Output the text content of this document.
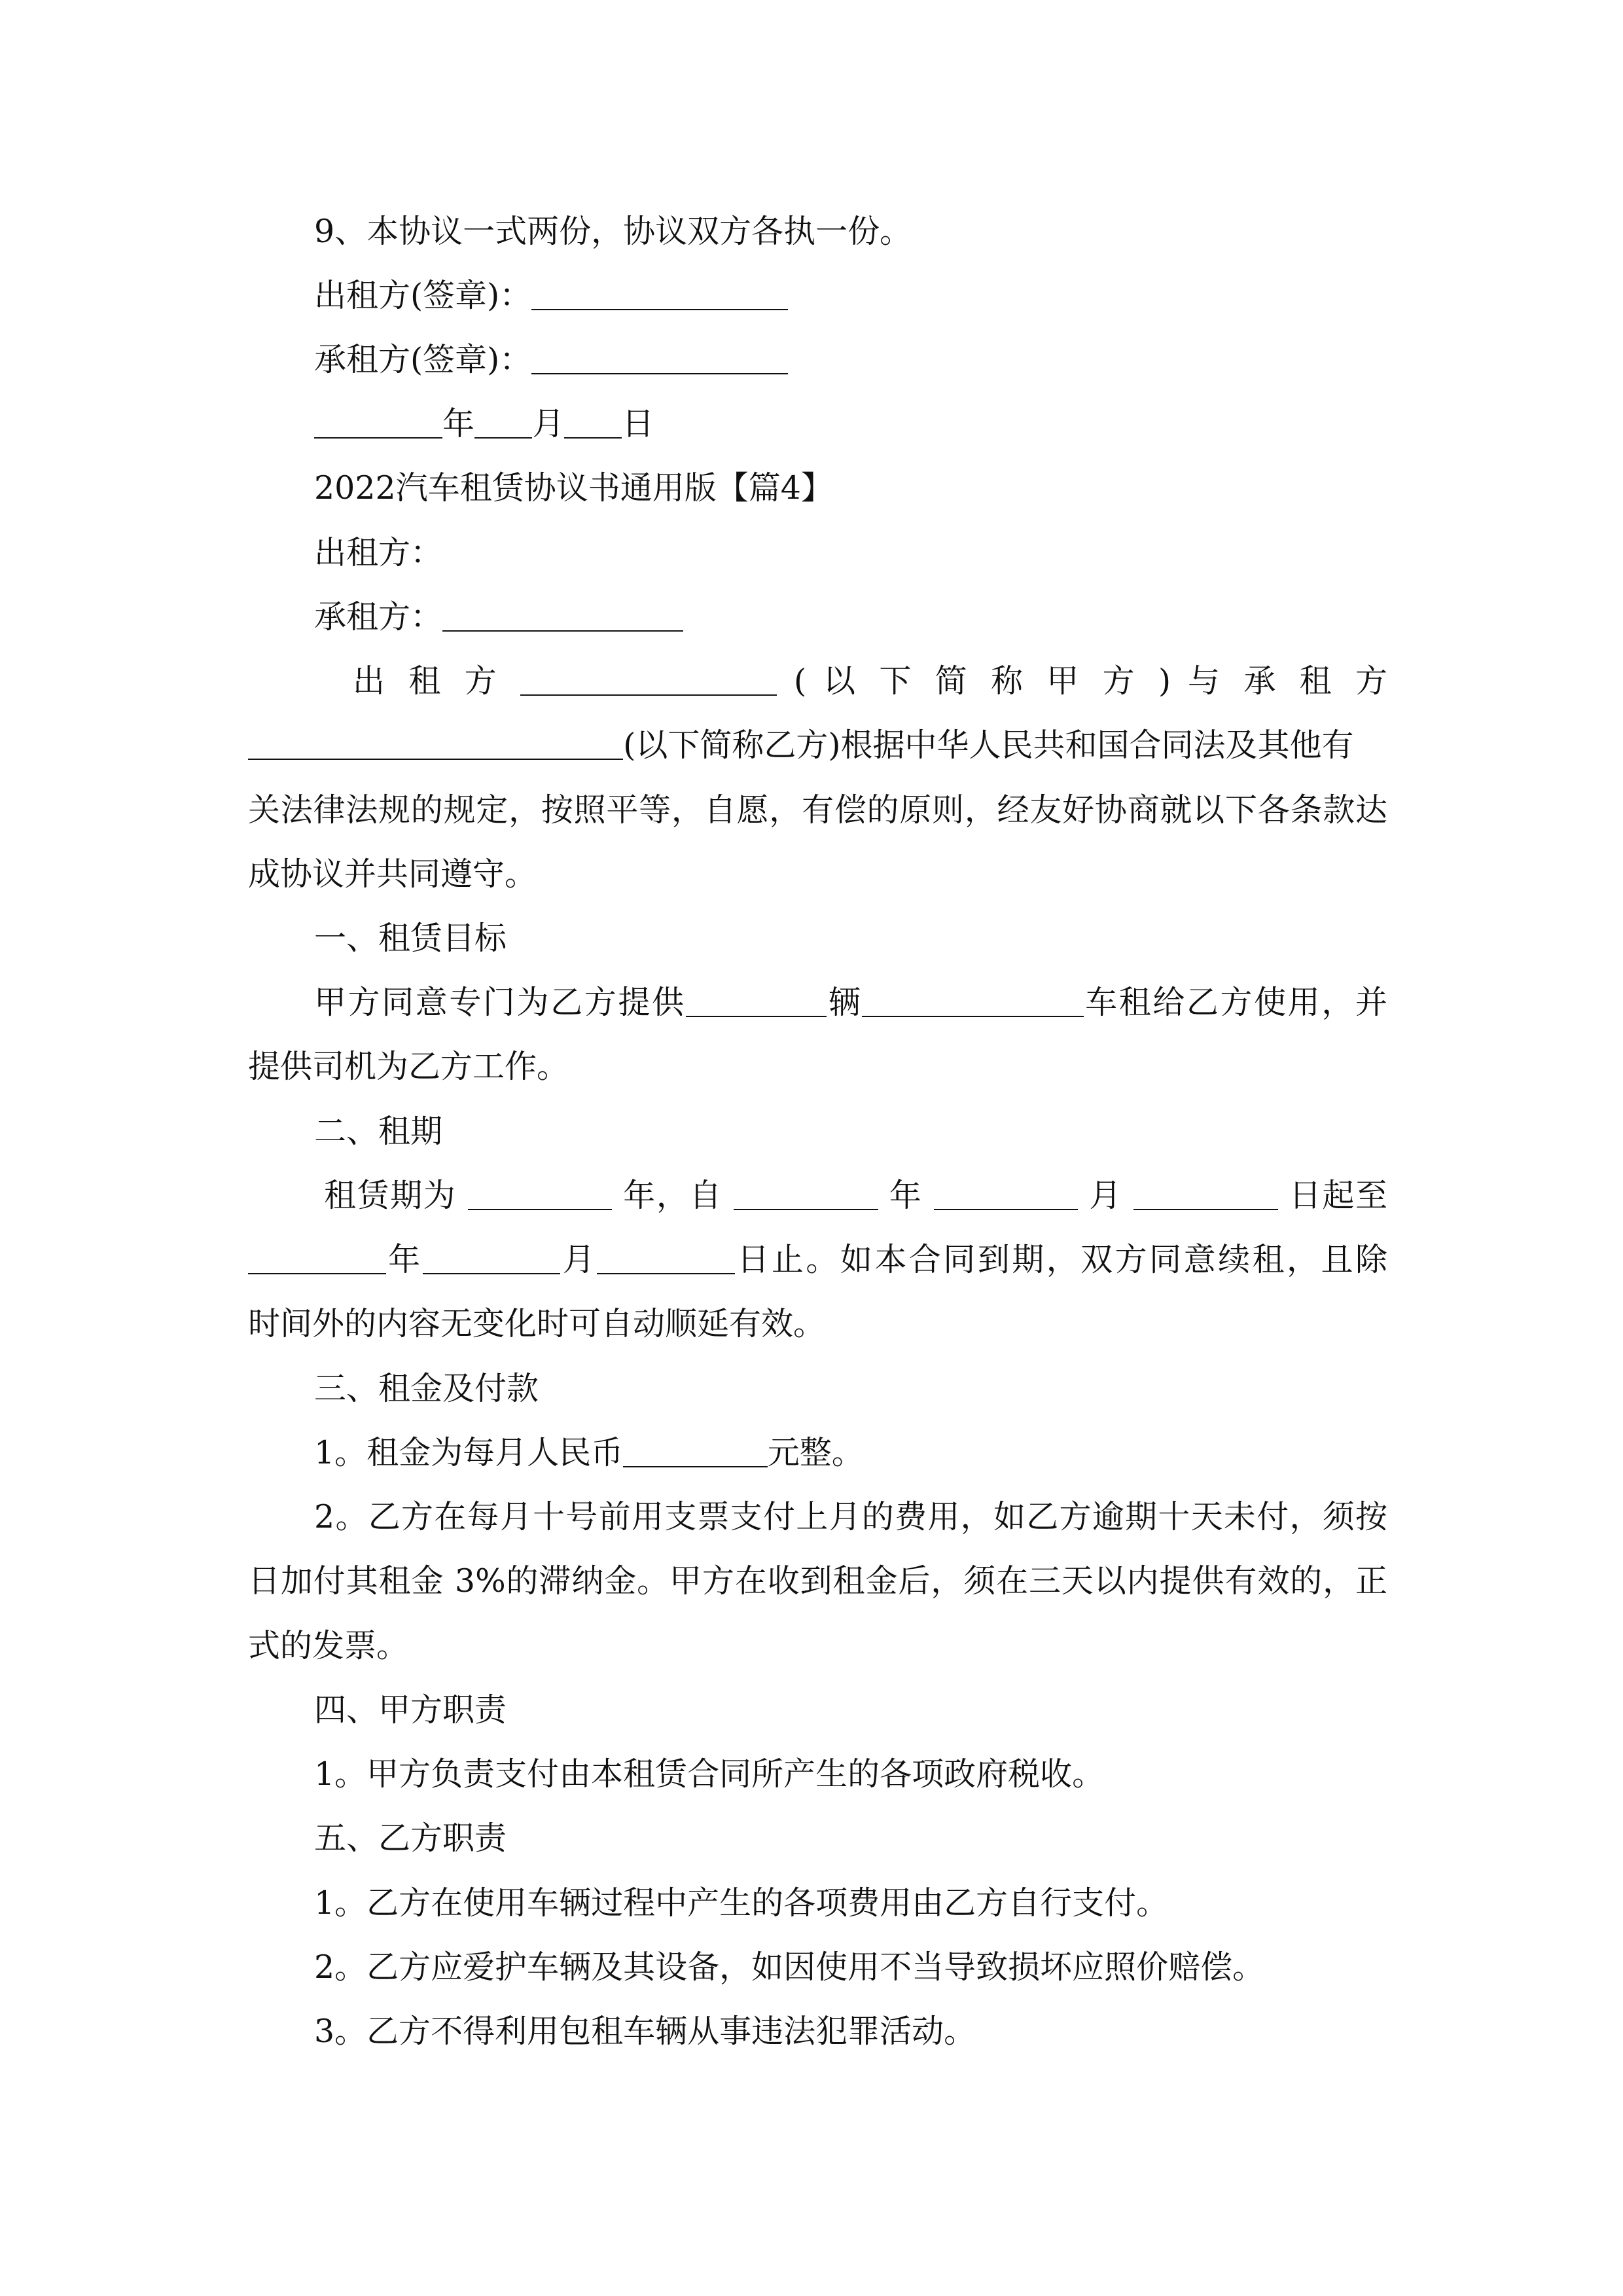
9、本协议一式两份，协议双方各执一份。
出租方(签章)：
承租方(签章)：
年 月 日
2022汽车租赁协议书通用版【篇4】
出租方：
承租方：
出 租 方	( 以 下 简 称 甲 方 ) 与 承 租 方
(以下简称乙方)根据中华人民共和国合同法及其他有
关法律法规的规定，按照平等，自愿，有偿的原则，经友好协商就以下各条款达
成协议并共同遵守。
一、租赁目标
甲方同意专门为乙方提供	辆	车租给乙方使用，并
提供司机为乙方工作。
二、租期
租赁期为	年，自	年	月	日起至
年	月	日止。如本合同到期，双方同意续租，且除
时间外的内容无变化时可自动顺延有效。
三、租金及付款
1。租金为每月人民币	元整。
2。乙方在每月十号前用支票支付上月的费用，如乙方逾期十天未付，须按
日加付其租金 3%的滞纳金。甲方在收到租金后，须在三天以内提供有效的，正
式的发票。
四、甲方职责
1。甲方负责支付由本租赁合同所产生的各项政府税收。
五、乙方职责
1。乙方在使用车辆过程中产生的各项费用由乙方自行支付。
2。乙方应爱护车辆及其设备，如因使用不当导致损坏应照价赔偿。
3。乙方不得利用包租车辆从事违法犯罪活动。
